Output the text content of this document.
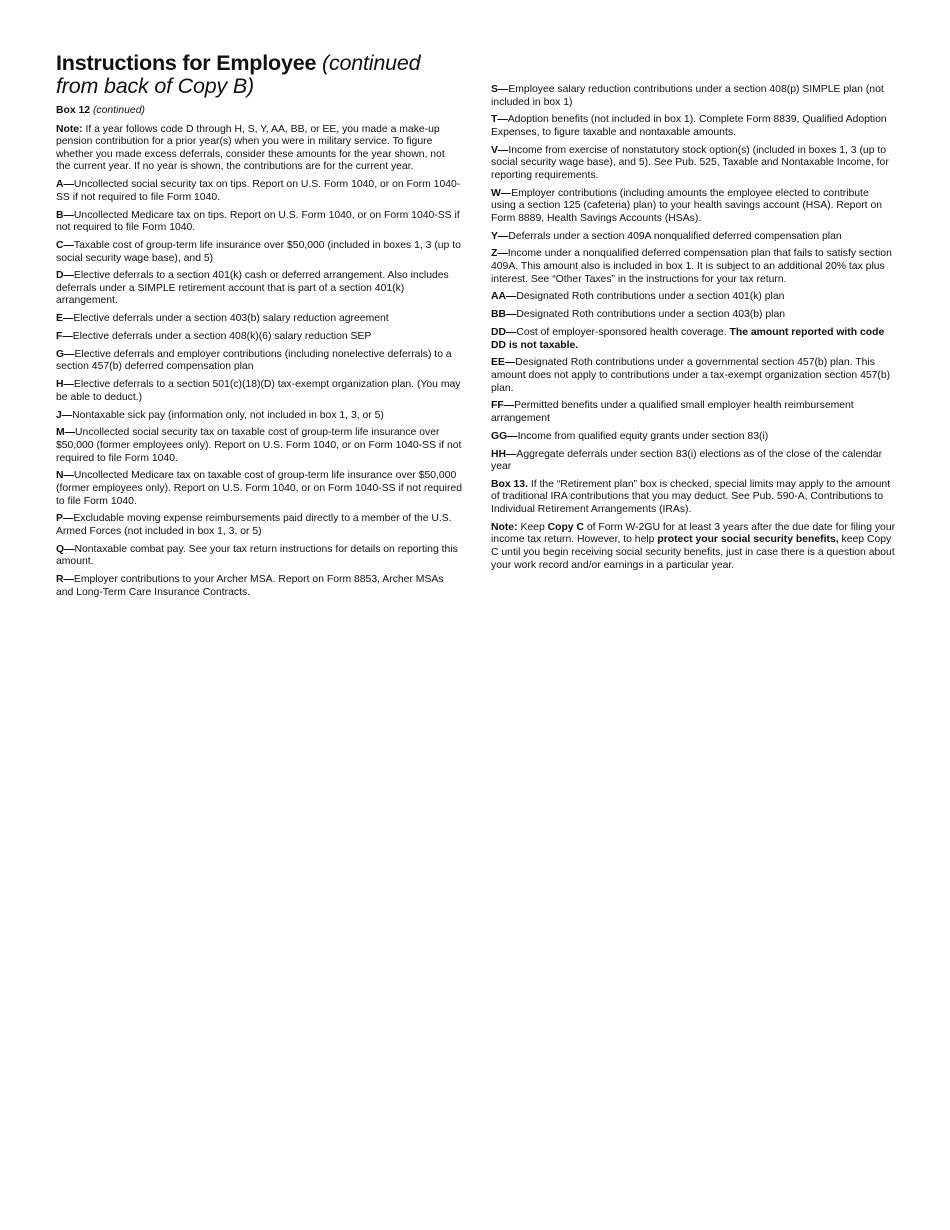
Instructions for Employee (continued from back of Copy B)
Box 12 (continued)

Note: If a year follows code D through H, S, Y, AA, BB, or EE, you made a make-up pension contribution for a prior year(s) when you were in military service. To figure whether you made excess deferrals, consider these amounts for the year shown, not the current year. If no year is shown, the contributions are for the current year.

A—Uncollected social security tax on tips. Report on U.S. Form 1040, or on Form 1040-SS if not required to file Form 1040.

B—Uncollected Medicare tax on tips. Report on U.S. Form 1040, or on Form 1040-SS if not required to file Form 1040.

C—Taxable cost of group-term life insurance over $50,000 (included in boxes 1, 3 (up to social security wage base), and 5)

D—Elective deferrals to a section 401(k) cash or deferred arrangement. Also includes deferrals under a SIMPLE retirement account that is part of a section 401(k) arrangement.

E—Elective deferrals under a section 403(b) salary reduction agreement

F—Elective deferrals under a section 408(k)(6) salary reduction SEP

G—Elective deferrals and employer contributions (including nonelective deferrals) to a section 457(b) deferred compensation plan

H—Elective deferrals to a section 501(c)(18)(D) tax-exempt organization plan. (You may be able to deduct.)

J—Nontaxable sick pay (information only, not included in box 1, 3, or 5)

M—Uncollected social security tax on taxable cost of group-term life insurance over $50,000 (former employees only). Report on U.S. Form 1040, or on Form 1040-SS if not required to file Form 1040.

N—Uncollected Medicare tax on taxable cost of group-term life insurance over $50,000 (former employees only). Report on U.S. Form 1040, or on Form 1040-SS if not required to file Form 1040.

P—Excludable moving expense reimbursements paid directly to a member of the U.S. Armed Forces (not included in box 1, 3, or 5)

Q—Nontaxable combat pay. See your tax return instructions for details on reporting this amount.

R—Employer contributions to your Archer MSA. Report on Form 8853, Archer MSAs and Long-Term Care Insurance Contracts.

S—Employee salary reduction contributions under a section 408(p) SIMPLE plan (not included in box 1)

T—Adoption benefits (not included in box 1). Complete Form 8839, Qualified Adoption Expenses, to figure taxable and nontaxable amounts.

V—Income from exercise of nonstatutory stock option(s) (included in boxes 1, 3 (up to social security wage base), and 5). See Pub. 525, Taxable and Nontaxable Income, for reporting requirements.

W—Employer contributions (including amounts the employee elected to contribute using a section 125 (cafeteria) plan) to your health savings account (HSA). Report on Form 8889, Health Savings Accounts (HSAs).

Y—Deferrals under a section 409A nonqualified deferred compensation plan

Z—Income under a nonqualified deferred compensation plan that fails to satisfy section 409A. This amount also is included in box 1. It is subject to an additional 20% tax plus interest. See “Other Taxes” in the instructions for your tax return.

AA—Designated Roth contributions under a section 401(k) plan

BB—Designated Roth contributions under a section 403(b) plan

DD—Cost of employer-sponsored health coverage. The amount reported with code DD is not taxable.

EE—Designated Roth contributions under a governmental section 457(b) plan. This amount does not apply to contributions under a tax-exempt organization section 457(b) plan.

FF—Permitted benefits under a qualified small employer health reimbursement arrangement

GG—Income from qualified equity grants under section 83(i)

HH—Aggregate deferrals under section 83(i) elections as of the close of the calendar year

Box 13. If the “Retirement plan” box is checked, special limits may apply to the amount of traditional IRA contributions that you may deduct. See Pub. 590-A, Contributions to Individual Retirement Arrangements (IRAs).

Note: Keep Copy C of Form W-2GU for at least 3 years after the due date for filing your income tax return. However, to help protect your social security benefits, keep Copy C until you begin receiving social security benefits, just in case there is a question about your work record and/or earnings in a particular year.
